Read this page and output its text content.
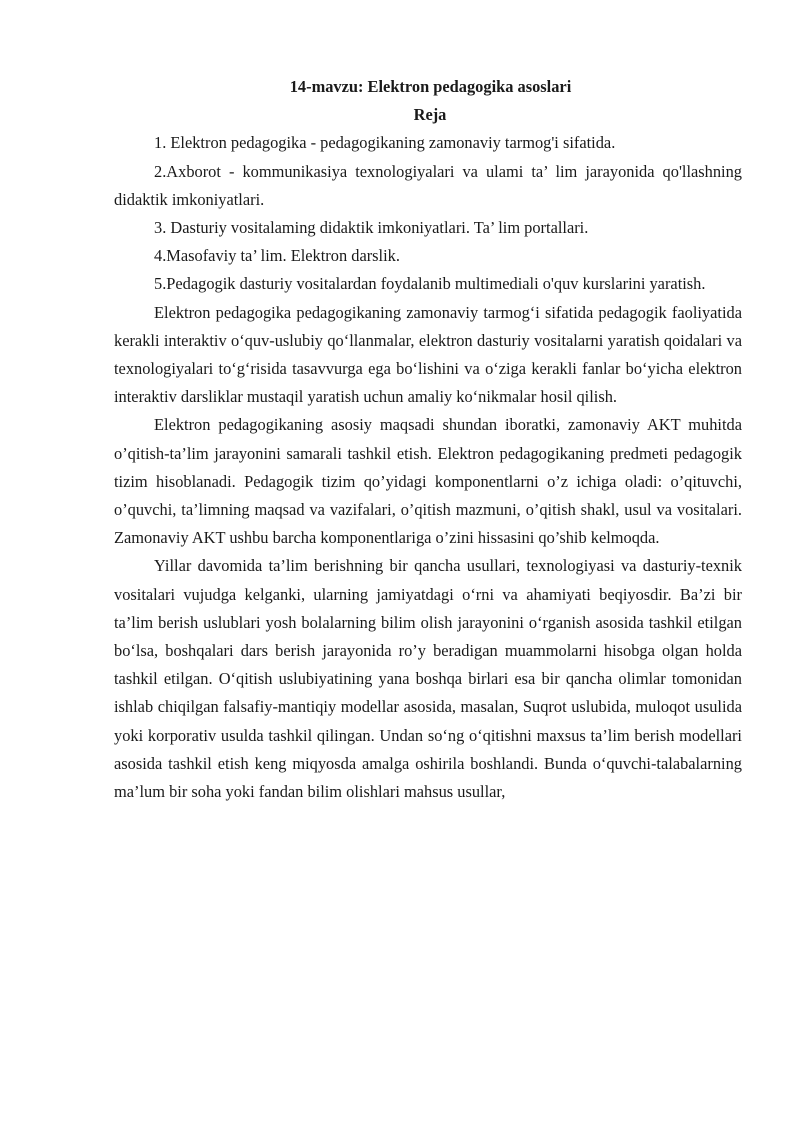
14-mavzu: Elektron pedagogika asoslari

Reja

1. Elektron pedagogika - pedagogikaning zamonaviy tarmog'i sifatida.

2.Axborot - kommunikasiya texnologiyalari va ulami ta’ lim jarayonida qo'llashning didaktik imkoniyatlari.

3. Dasturiy vositalaming didaktik imkoniyatlari. Ta’ lim portallari.

4.Masofaviy ta’ lim. Elektron darslik.

5.Pedagogik dasturiy vositalardan foydalanib multimediali o'quv kurslarini yaratish.

Elektron pedagogika pedagogikaning zamonaviy tarmog‘i sifatida pedagogik faoliyatida kerakli interaktiv o‘quv-uslubiy qo‘llanmalar, elektron dasturiy vositalarni yaratish qoidalari va texnologiyalari to‘g‘risida tasavvurga ega bo‘lishini va o‘ziga kerakli fanlar bo‘yicha elektron interaktiv darsliklar mustaqil yaratish uchun amaliy ko‘nikmalar hosil qilish.

Elektron pedagogikaning asosiy maqsadi shundan iboratki, zamonaviy AKT muhitda o’qitish-ta’lim jarayonini samarali tashkil etish. Elektron pedagogikaning predmeti pedagogik tizim hisoblanadi. Pedagogik tizim qo’yidagi komponentlarni o’z ichiga oladi: o’qituvchi, o’quvchi, ta’limning maqsad va vazifalari, o’qitish mazmuni, o’qitish shakl, usul va vositalari. Zamonaviy AKT ushbu barcha komponentlariga o’zini hissasini qo’shib kelmoqda.

Yillar davomida ta’lim berishning bir qancha usullari, texnologiyasi va dasturiy-texnik vositalari vujudga kelganki, ularning jamiyatdagi o‘rni va ahamiyati beqiyosdir. Ba’zi bir ta’lim berish uslublari yosh bolalarning bilim olish jarayonini o‘rganish asosida tashkil etilgan bo‘lsa, boshqalari dars berish jarayonida ro’y beradigan muammolarni hisobga olgan holda tashkil etilgan. O‘qitish uslubiyatining yana boshqa birlari esa bir qancha olimlar tomonidan ishlab chiqilgan falsafiy-mantiqiy modellar asosida, masalan, Suqrot uslubida, muloqot usulida yoki korporativ usulda tashkil qilingan. Undan so‘ng o‘qitishni maxsus ta’lim berish modellari asosida tashkil etish keng miqyosda amalga oshirila boshlandi. Bunda o‘quvchi-talabalarning ma’lum bir soha yoki fandan bilim olishlari mahsus usullar,
